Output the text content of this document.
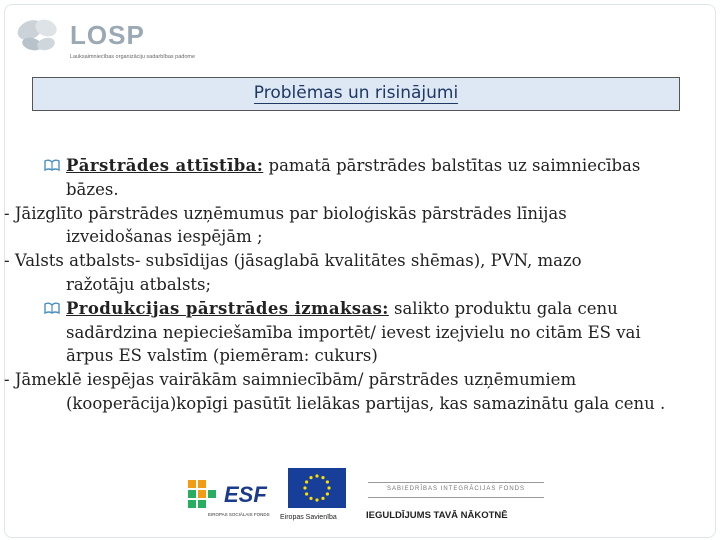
LOSP
Lauksaimniecības organizāciju sadarbības padome
Problēmas un risinājumi
Pārstrādes attīstība: pamatā pārstrādes balstītas uz saimniecības
bāzes.
- Jāizglīto pārstrādes uzņēmumus par bioloģiskās pārstrādes līnijas
izveidošanas iespējām ;
- Valsts atbalsts- subsīdijas (jāsaglabā kvalitātes shēmas), PVN, mazo
ražotāju atbalsts;
Produkcijas pārstrādes izmaksas: salikto produktu gala cenu
sadārdzina nepieciešamība importēt/ ievest izejvielu no citām ES vai
ārpus ES valstīm (piemēram: cukurs)
- Jāmeklē iespējas vairākām saimniecībām/ pārstrādes uzņēmumiem
(kooperācija)kopīgi pasūtīt lielākas partijas, kas samazinātu gala cenu .
ESF
EIROPAS SOCIĀLAIS FONDS	Eiropas Savienība
SABIEDRĪBAS INTEGRĀCIJAS FONDS
IEGULDĪJUMS TAVĀ NĀKOTNĒ
